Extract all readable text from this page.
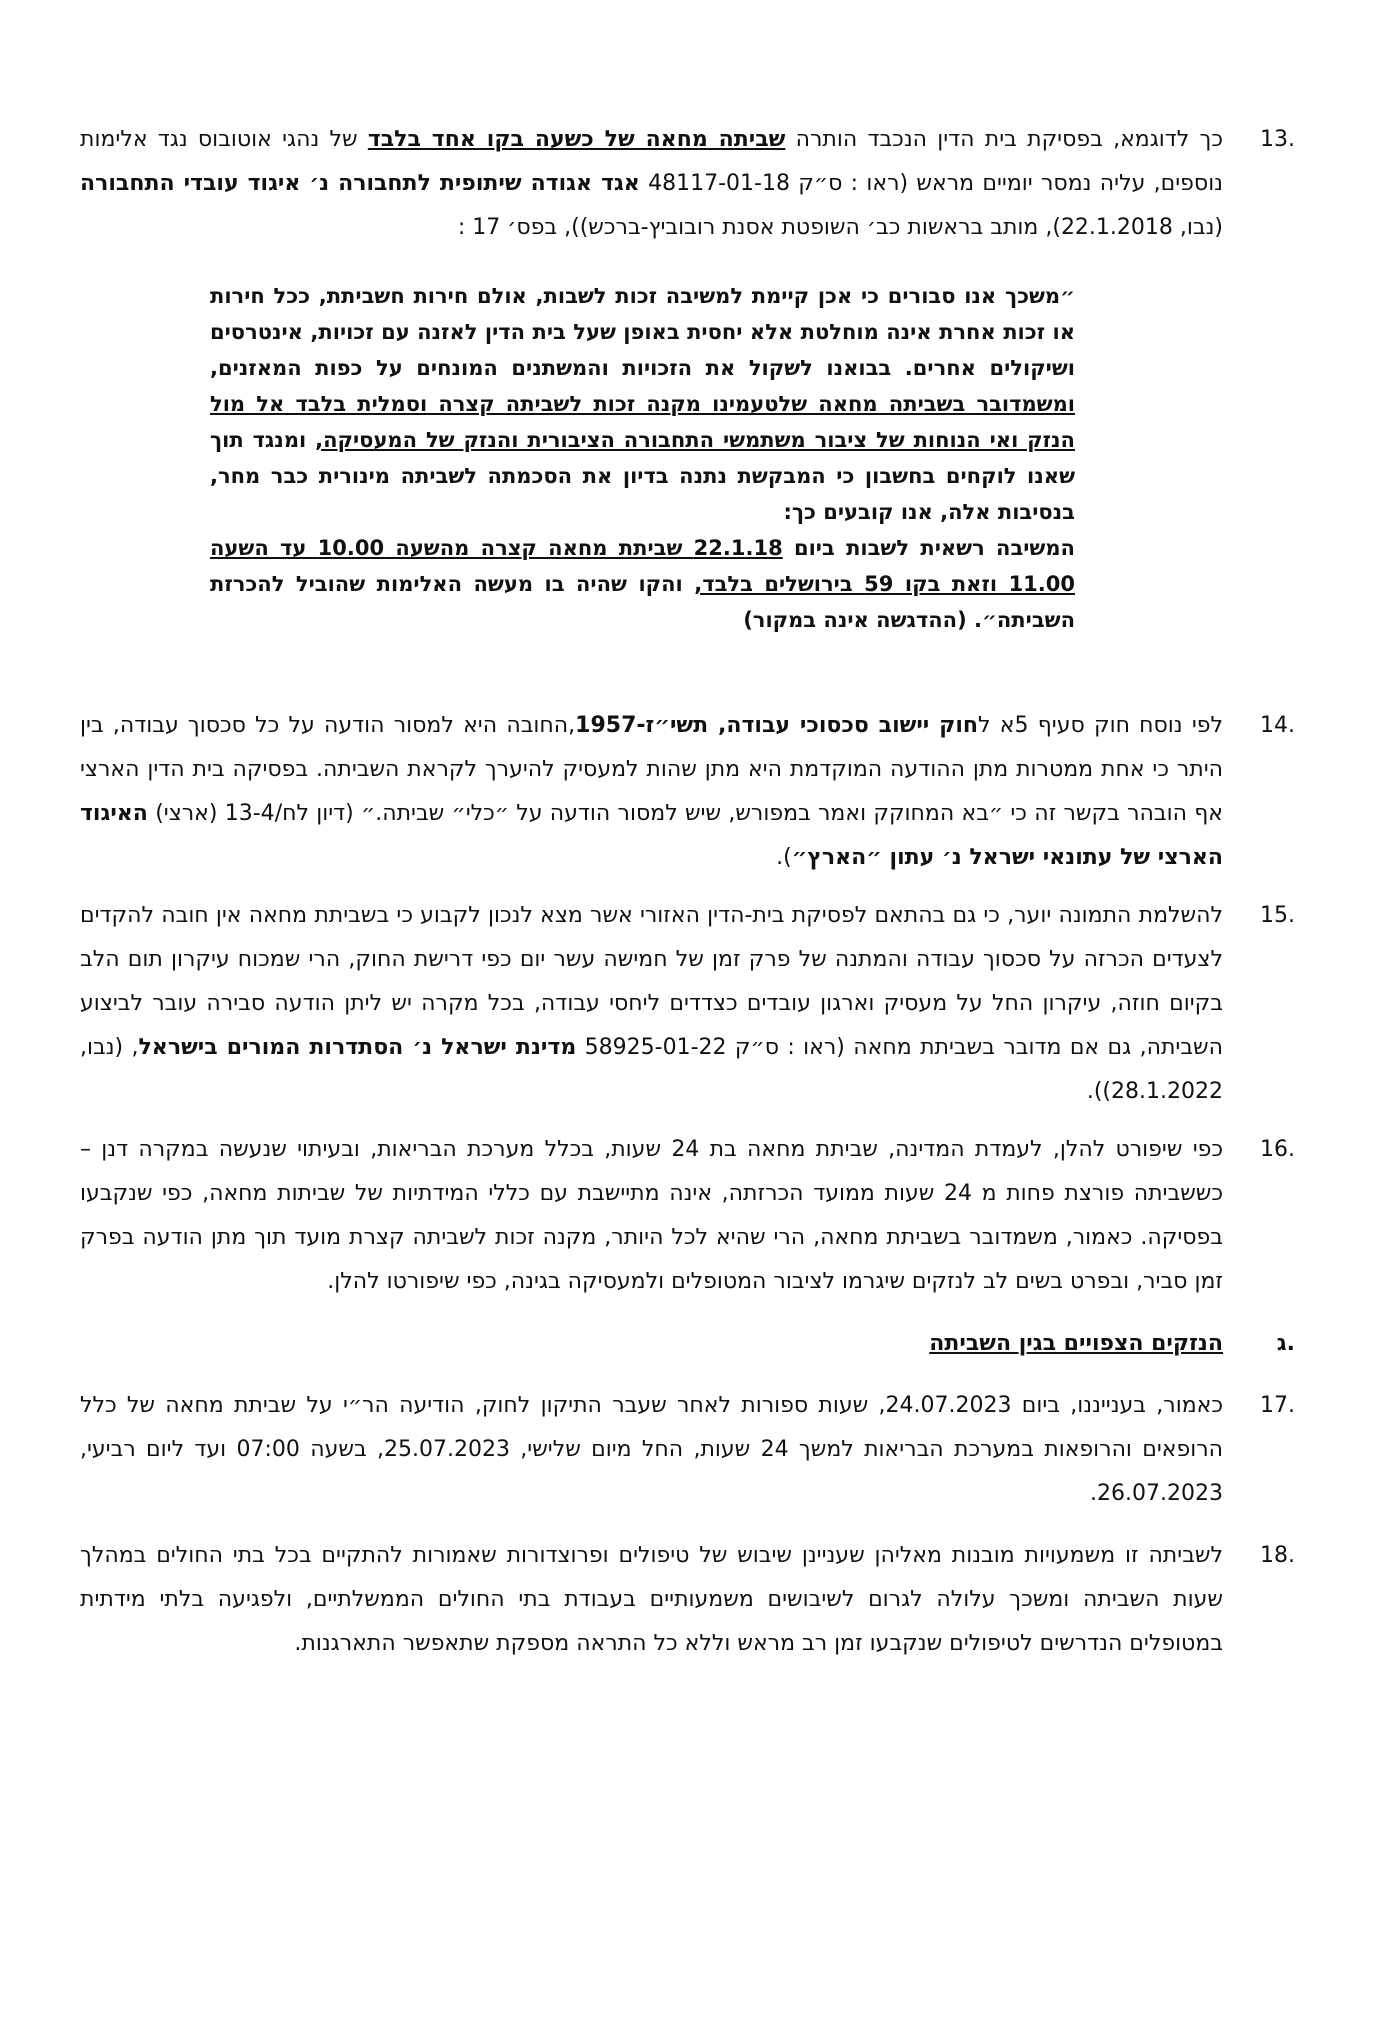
13.

כך לדוגמא, בפסיקת בית הדין הנכבד הותרה שביתה מחאה של כשעה בקו אחד בלבד של נהגי אוטובוס נגד אלימות נוספים, עליה נמסר יומיים מראש (ראו : ס״ק 48117-01-18 אגד אגודה שיתופית לתחבורה נ׳ איגוד עובדי התחבורה (נבו, 22.1.2018), מותב בראשות כב׳ השופטת אסנת רובוביץ-ברכש)), בפס׳ 17 :

״משכך אנו סבורים כי אכן קיימת למשיבה זכות לשבות, אולם חירות חשביתת, ככל חירות או זכות אחרת אינה מוחלטת אלא יחסית באופן שעל בית הדין לאזנה עם זכויות, אינטרסים ושיקולים אחרים. בבואנו לשקול את הזכויות והמשתנים המונחים על כפות המאזנים, ומשמדובר בשביתה מחאה שלטעמינו מקנה זכות לשביתה קצרה וסמלית בלבד אל מול הנזק ואי הנוחות של ציבור משתמשי התחבורה הציבורית והנזק של המעסיקה, ומנגד תוך שאנו לוקחים בחשבון כי המבקשת נתנה בדיון את הסכמתה לשביתה מינורית כבר מחר, בנסיבות אלה, אנו קובעים כך:

המשיבה רשאית לשבות ביום 22.1.18 שביתת מחאה קצרה מהשעה 10.00 עד השעה 11.00 וזאת בקו 59 בירושלים בלבד, והקו שהיה בו מעשה האלימות שהוביל להכרזת השביתה״. (ההדגשה אינה במקור)

14.

לפי נוסח חוק סעיף 5א לחוק יישוב סכסוכי עבודה, תשי״ז-1957,החובה היא למסור הודעה על כל סכסוך עבודה, בין היתר כי אחת ממטרות מתן ההודעה המוקדמת היא מתן שהות למעסיק להיערך לקראת השביתה. בפסיקה בית הדין הארצי אף הובהר בקשר זה כי ״בא המחוקק ואמר במפורש, שיש למסור הודעה על ״כלי״ שביתה.״ (דיון לח/13-4 (ארצי) האיגוד הארצי של עתונאי ישראל נ׳ עתון ״הארץ״).

15.

להשלמת התמונה יוער, כי גם בהתאם לפסיקת בית-הדין האזורי אשר מצא לנכון לקבוע כי בשביתת מחאה אין חובה להקדים לצעדים הכרזה על סכסוך עבודה והמתנה של פרק זמן של חמישה עשר יום כפי דרישת החוק, הרי שמכוח עיקרון תום הלב בקיום חוזה, עיקרון החל על מעסיק וארגון עובדים כצדדים ליחסי עבודה, בכל מקרה יש ליתן הודעה סבירה עובר לביצוע השביתה, גם אם מדובר בשביתת מחאה (ראו : ס״ק 58925-01-22 מדינת ישראל נ׳ הסתדרות המורים בישראל, (נבו, 28.1.2022)).

16.

כפי שיפורט להלן, לעמדת המדינה, שביתת מחאה בת 24 שעות, בכלל מערכת הבריאות, ובעיתוי שנעשה במקרה דנן – כששביתה פורצת פחות מ 24 שעות ממועד הכרזתה, אינה מתיישבת עם כללי המידתיות של שביתות מחאה, כפי שנקבעו בפסיקה. כאמור, משמדובר בשביתת מחאה, הרי שהיא לכל היותר, מקנה זכות לשביתה קצרת מועד תוך מתן הודעה בפרק זמן סביר, ובפרט בשים לב לנזקים שיגרמו לציבור המטופלים ולמעסיקה בגינה, כפי שיפורטו להלן.

ג.
הנזקים הצפויים בגין השביתה
17.

כאמור, בענייננו, ביום 24.07.2023, שעות ספורות לאחר שעבר התיקון לחוק, הודיעה הר״י על שביתת מחאה של כלל הרופאים והרופאות במערכת הבריאות למשך 24 שעות, החל מיום שלישי, 25.07.2023, בשעה 07:00 ועד ליום רביעי, 26.07.2023.

18.

לשביתה זו משמעויות מובנות מאליהן שעניינן שיבוש של טיפולים ופרוצדורות שאמורות להתקיים בכל בתי החולים במהלך שעות השביתה ומשכך עלולה לגרום לשיבושים משמעותיים בעבודת בתי החולים הממשלתיים, ולפגיעה בלתי מידתית במטופלים הנדרשים לטיפולים שנקבעו זמן רב מראש וללא כל התראה מספקת שתאפשר התארגנות.
